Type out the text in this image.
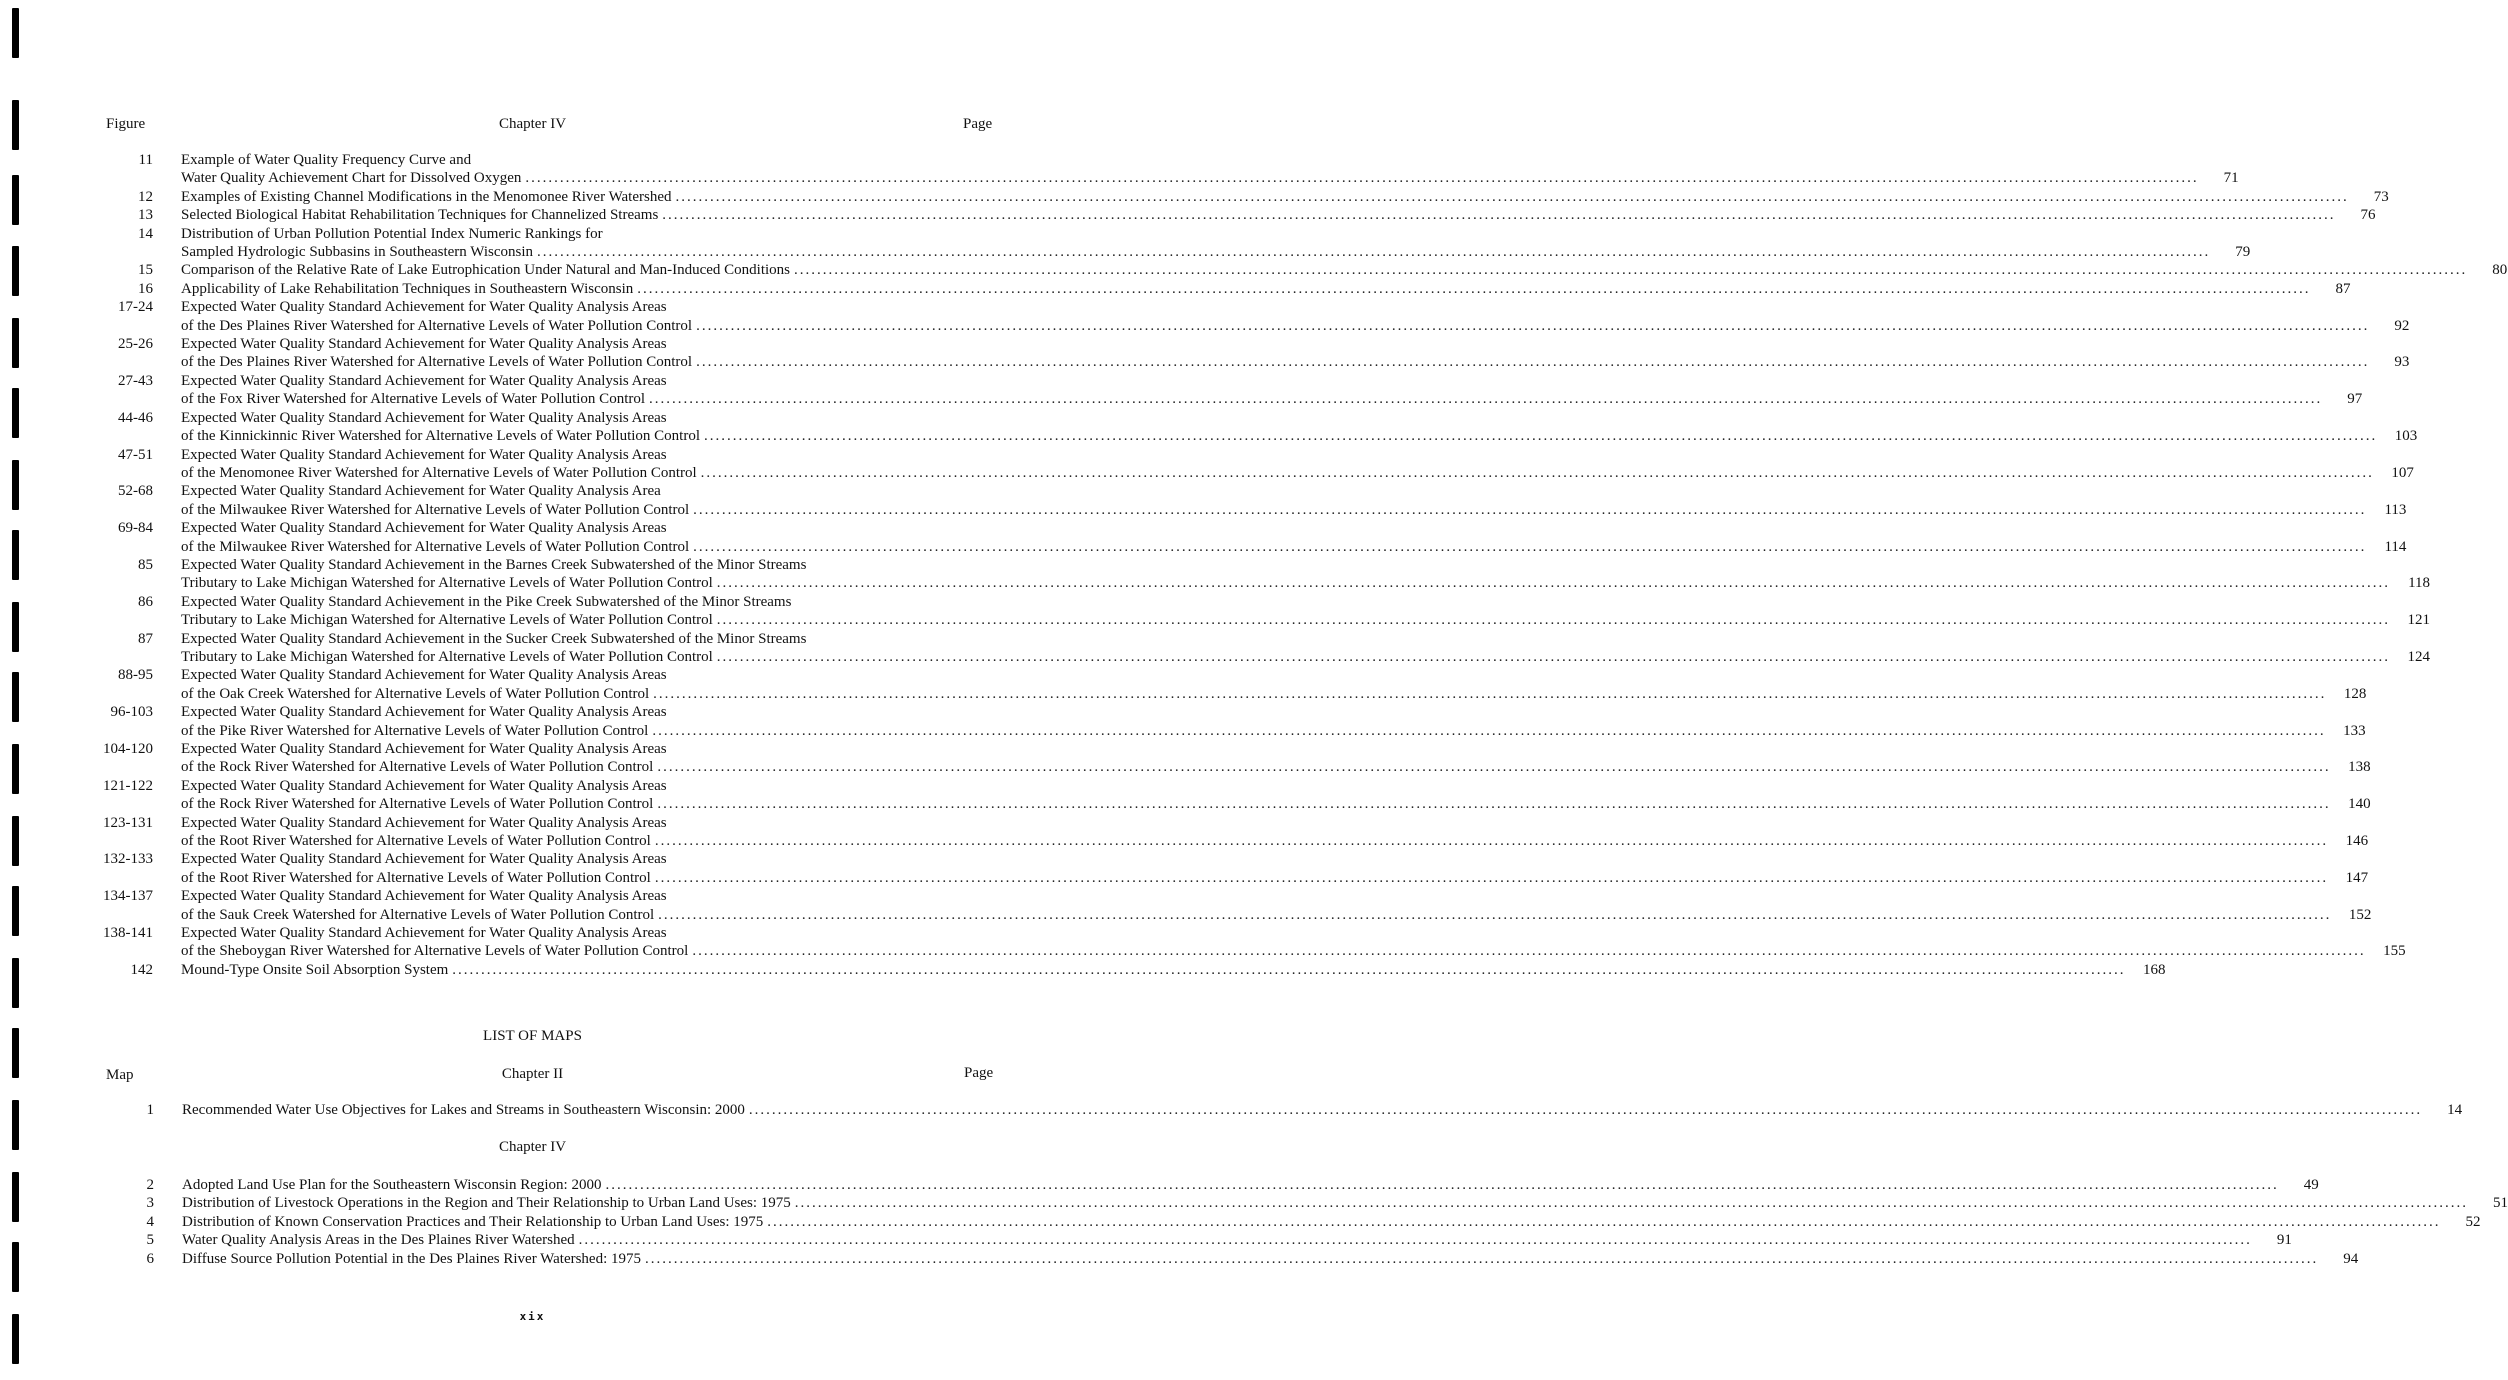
Figure	Chapter IV	Page
11 Example of Water Quality Frequency Curve and
Water Quality Achievement Chart for Dissolved Oxygen .....	71
12 Examples of Existing Channel Modifications in the Menomonee River Watershed .....	73
13 Selected Biological Habitat Rehabilitation Techniques for Channelized Streams .....	76
14 Distribution of Urban Pollution Potential Index Numeric Rankings for
Sampled Hydrologic Subbasins in Southeastern Wisconsin .....	79
15 Comparison of the Relative Rate of Lake Eutrophication Under Natural and Man-Induced Conditions .....	80
16 Applicability of Lake Rehabilitation Techniques in Southeastern Wisconsin .....	87
17-24 Expected Water Quality Standard Achievement for Water Quality Analysis Areas
of the Des Plaines River Watershed for Alternative Levels of Water Pollution Control .....	92
25-26 Expected Water Quality Standard Achievement for Water Quality Analysis Areas
of the Des Plaines River Watershed for Alternative Levels of Water Pollution Control .....	93
27-43 Expected Water Quality Standard Achievement for Water Quality Analysis Areas
of the Fox River Watershed for Alternative Levels of Water Pollution Control .....	97
44-46 Expected Water Quality Standard Achievement for Water Quality Analysis Areas
of the Kinnickinnic River Watershed for Alternative Levels of Water Pollution Control .....	103
47-51 Expected Water Quality Standard Achievement for Water Quality Analysis Areas
of the Menomonee River Watershed for Alternative Levels of Water Pollution Control .....	107
52-68 Expected Water Quality Standard Achievement for Water Quality Analysis Area
of the Milwaukee River Watershed for Alternative Levels of Water Pollution Control .....	113
69-84 Expected Water Quality Standard Achievement for Water Quality Analysis Areas
of the Milwaukee River Watershed for Alternative Levels of Water Pollution Control .....	114
85 Expected Water Quality Standard Achievement in the Barnes Creek Subwatershed of the Minor Streams
Tributary to Lake Michigan Watershed for Alternative Levels of Water Pollution Control .....	118
86 Expected Water Quality Standard Achievement in the Pike Creek Subwatershed of the Minor Streams
Tributary to Lake Michigan Watershed for Alternative Levels of Water Pollution Control .....	121
87 Expected Water Quality Standard Achievement in the Sucker Creek Subwatershed of the Minor Streams
Tributary to Lake Michigan Watershed for Alternative Levels of Water Pollution Control .....	124
88-95 Expected Water Quality Standard Achievement for Water Quality Analysis Areas
of the Oak Creek Watershed for Alternative Levels of Water Pollution Control .....	128
96-103 Expected Water Quality Standard Achievement for Water Quality Analysis Areas
of the Pike River Watershed for Alternative Levels of Water Pollution Control .....	133
104-120 Expected Water Quality Standard Achievement for Water Quality Analysis Areas
of the Rock River Watershed for Alternative Levels of Water Pollution Control .....	138
121-122 Expected Water Quality Standard Achievement for Water Quality Analysis Areas
of the Rock River Watershed for Alternative Levels of Water Pollution Control .....	140
123-131 Expected Water Quality Standard Achievement for Water Quality Analysis Areas
of the Root River Watershed for Alternative Levels of Water Pollution Control .....	146
132-133 Expected Water Quality Standard Achievement for Water Quality Analysis Areas
of the Root River Watershed for Alternative Levels of Water Pollution Control .....	147
134-137 Expected Water Quality Standard Achievement for Water Quality Analysis Areas
of the Sauk Creek Watershed for Alternative Levels of Water Pollution Control .....	152
138-141 Expected Water Quality Standard Achievement for Water Quality Analysis Areas
of the Sheboygan River Watershed for Alternative Levels of Water Pollution Control .....	155
142 Mound-Type Onsite Soil Absorption System .....	168
LIST OF MAPS
Map	Chapter II	Page
1 Recommended Water Use Objectives for Lakes and Streams in Southeastern Wisconsin: 2000 .....	14
Chapter IV
2 Adopted Land Use Plan for the Southeastern Wisconsin Region: 2000 .....	49
3 Distribution of Livestock Operations in the Region and Their Relationship to Urban Land Uses: 1975 .....	51
4 Distribution of Known Conservation Practices and Their Relationship to Urban Land Uses: 1975 .....	52
5 Water Quality Analysis Areas in the Des Plaines River Watershed .....	91
6 Diffuse Source Pollution Potential in the Des Plaines River Watershed: 1975 .....	94
xix
